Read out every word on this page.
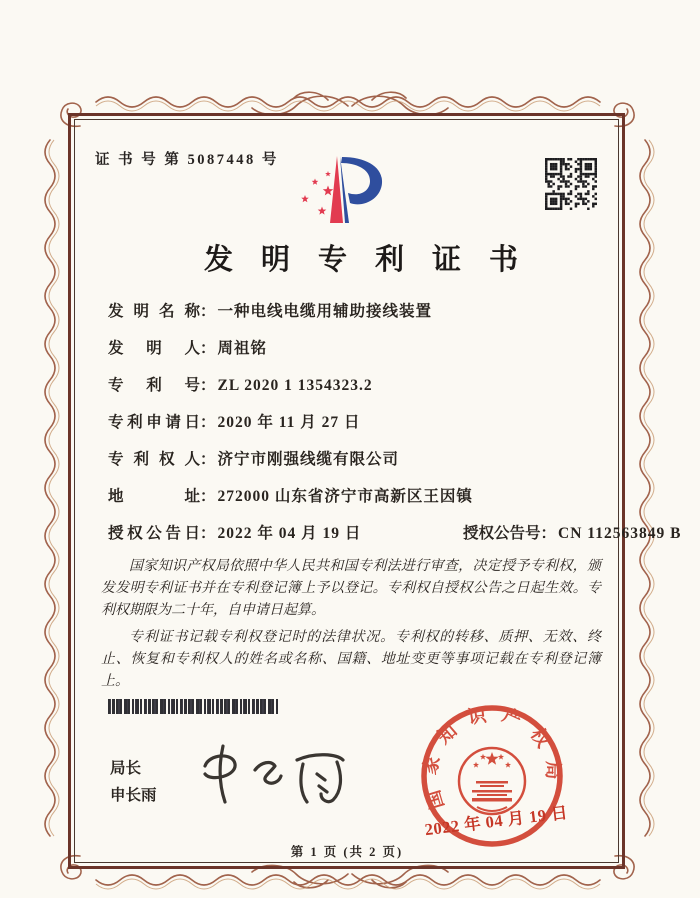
证 书 号 第 5087448 号
发明专利证书
发明名称： 一种电线电缆用辅助接线装置
发明人： 周祖铭
专利号： ZL 2020 1 1354323.2
专利申请日： 2020 年 11 月 27 日
专利权人： 济宁市刚强线缆有限公司
地址： 272000 山东省济宁市高新区王因镇
授权公告日： 2022 年 04 月 19 日	授权公告号： CN 112563849 B

国家知识产权局依照中华人民共和国专利法进行审查，决定授予专利权，颁发发明专利证书并在专利登记簿上予以登记。专利权自授权公告之日起生效。专利权期限为二十年，自申请日起算。

专利证书记载专利权登记时的法律状况。专利权的转移、质押、无效、终止、恢复和专利权人的姓名或名称、国籍、地址变更等事项记载在专利登记簿上。

局长
申长雨	国家知识产权局
2022 年 04 月 19 日
第 1 页 (共 2 页)
